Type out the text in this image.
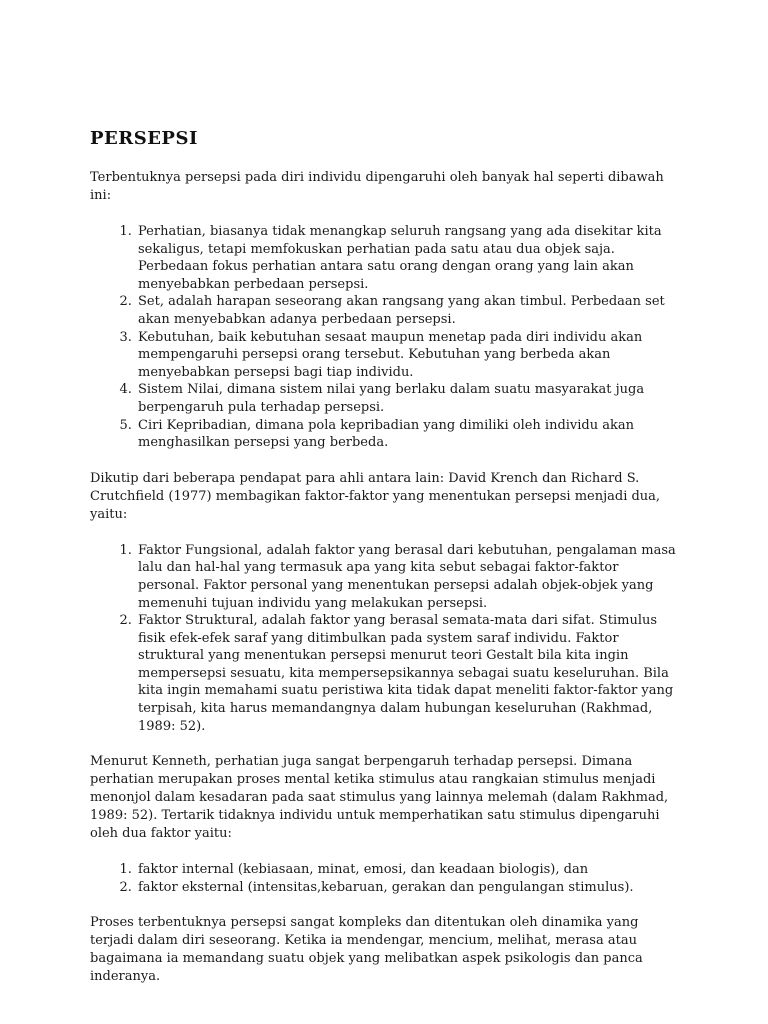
PERSEPSI

Terbentuknya persepsi pada diri individu dipengaruhi oleh banyak hal seperti dibawah ini:

1. Perhatian, biasanya tidak menangkap seluruh rangsang yang ada disekitar kita sekaligus, tetapi memfokuskan perhatian pada satu atau dua objek saja. Perbedaan fokus perhatian antara satu orang dengan orang yang lain akan menyebabkan perbedaan persepsi.
2. Set, adalah harapan seseorang akan rangsang yang akan timbul. Perbedaan set akan menyebabkan adanya perbedaan persepsi.
3. Kebutuhan, baik kebutuhan sesaat maupun menetap pada diri individu akan mempengaruhi persepsi orang tersebut. Kebutuhan yang berbeda akan menyebabkan persepsi bagi tiap individu.
4. Sistem Nilai, dimana sistem nilai yang berlaku dalam suatu masyarakat juga berpengaruh pula terhadap persepsi.
5. Ciri Kepribadian, dimana pola kepribadian yang dimiliki oleh individu akan menghasilkan persepsi yang berbeda.

Dikutip dari beberapa pendapat para ahli antara lain: David Krench dan Richard S. Crutchfield (1977) membagikan faktor-faktor yang menentukan persepsi menjadi dua, yaitu:

1. Faktor Fungsional, adalah faktor yang berasal dari kebutuhan, pengalaman masa lalu dan hal-hal yang termasuk apa yang kita sebut sebagai faktor-faktor personal. Faktor personal yang menentukan persepsi adalah objek-objek yang memenuhi tujuan individu yang melakukan persepsi.
2. Faktor Struktural, adalah faktor yang berasal semata-mata dari sifat. Stimulus fisik efek-efek saraf yang ditimbulkan pada system saraf individu. Faktor struktural yang menentukan persepsi menurut teori Gestalt bila kita ingin mempersepsi sesuatu, kita mempersepsikannya sebagai suatu keseluruhan. Bila kita ingin memahami suatu peristiwa kita tidak dapat meneliti faktor-faktor yang terpisah, kita harus memandangnya dalam hubungan keseluruhan (Rakhmad, 1989: 52).

Menurut Kenneth, perhatian juga sangat berpengaruh terhadap persepsi. Dimana perhatian merupakan proses mental ketika stimulus atau rangkaian stimulus menjadi menonjol dalam kesadaran pada saat stimulus yang lainnya melemah (dalam Rakhmad, 1989: 52). Tertarik tidaknya individu untuk memperhatikan satu stimulus dipengaruhi oleh dua faktor yaitu:

1. faktor internal (kebiasaan, minat, emosi, dan keadaan biologis), dan
2. faktor eksternal (intensitas,kebaruan, gerakan dan pengulangan stimulus).

Proses terbentuknya persepsi sangat kompleks dan ditentukan oleh dinamika yang terjadi dalam diri seseorang. Ketika ia mendengar, mencium, melihat, merasa atau bagaimana ia memandang suatu objek yang melibatkan aspek psikologis dan panca inderanya.
